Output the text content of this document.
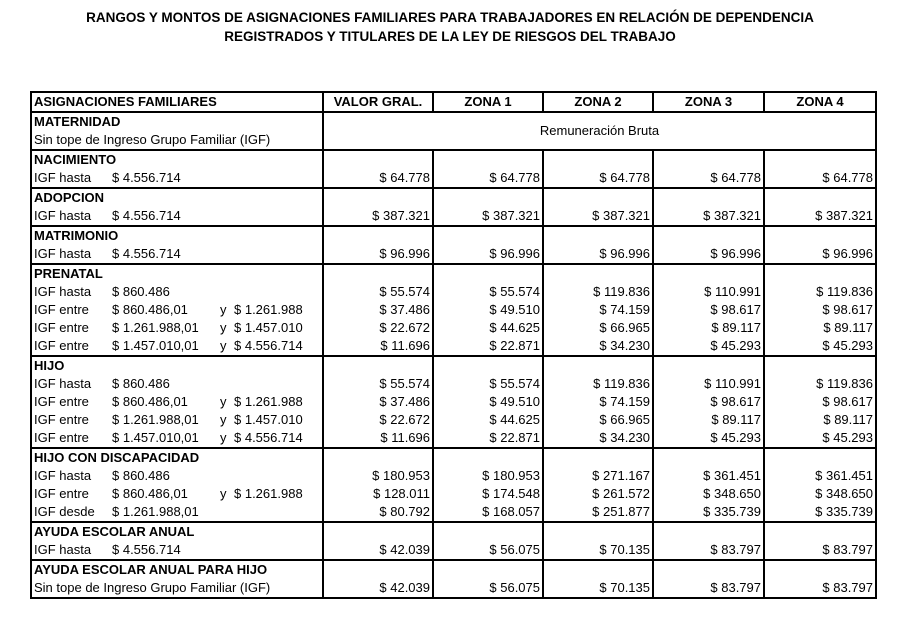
RANGOS Y MONTOS DE ASIGNACIONES FAMILIARES PARA TRABAJADORES EN RELACIÓN DE DEPENDENCIA
REGISTRADOS Y TITULARES DE LA LEY DE RIESGOS DEL TRABAJO
ASIGNACIONES FAMILIARES	VALOR GRAL.	ZONA 1	ZONA 2	ZONA 3	ZONA 4
MATERNIDAD	Remuneración Bruta				
Sin tope de Ingreso Grupo Familiar (IGF)					
NACIMIENTO					
IGF hasta $ 4.556.714	$ 64.778	$ 64.778	$ 64.778	$ 64.778	$ 64.778
ADOPCION					
IGF hasta $ 4.556.714	$ 387.321	$ 387.321	$ 387.321	$ 387.321	$ 387.321
MATRIMONIO					
IGF hasta $ 4.556.714	$ 96.996	$ 96.996	$ 96.996	$ 96.996	$ 96.996
PRENATAL					
IGF hasta $ 860.486	$ 55.574	$ 55.574	$ 119.836	$ 110.991	$ 119.836
IGF entre $ 860.486,01 y $ 1.261.988	$ 37.486	$ 49.510	$ 74.159	$ 98.617	$ 98.617
IGF entre $ 1.261.988,01 y $ 1.457.010	$ 22.672	$ 44.625	$ 66.965	$ 89.117	$ 89.117
IGF entre $ 1.457.010,01 y $ 4.556.714	$ 11.696	$ 22.871	$ 34.230	$ 45.293	$ 45.293
HIJO					
IGF hasta $ 860.486	$ 55.574	$ 55.574	$ 119.836	$ 110.991	$ 119.836
IGF entre $ 860.486,01 y $ 1.261.988	$ 37.486	$ 49.510	$ 74.159	$ 98.617	$ 98.617
IGF entre $ 1.261.988,01 y $ 1.457.010	$ 22.672	$ 44.625	$ 66.965	$ 89.117	$ 89.117
IGF entre $ 1.457.010,01 y $ 4.556.714	$ 11.696	$ 22.871	$ 34.230	$ 45.293	$ 45.293
HIJO CON DISCAPACIDAD					
IGF hasta $ 860.486	$ 180.953	$ 180.953	$ 271.167	$ 361.451	$ 361.451
IGF entre $ 860.486,01 y $ 1.261.988	$ 128.011	$ 174.548	$ 261.572	$ 348.650	$ 348.650
IGF desde $ 1.261.988,01	$ 80.792	$ 168.057	$ 251.877	$ 335.739	$ 335.739
AYUDA ESCOLAR ANUAL					
IGF hasta $ 4.556.714	$ 42.039	$ 56.075	$ 70.135	$ 83.797	$ 83.797
AYUDA ESCOLAR ANUAL PARA HIJO					
Sin tope de Ingreso Grupo Familiar (IGF)	$ 42.039	$ 56.075	$ 70.135	$ 83.797	$ 83.797
